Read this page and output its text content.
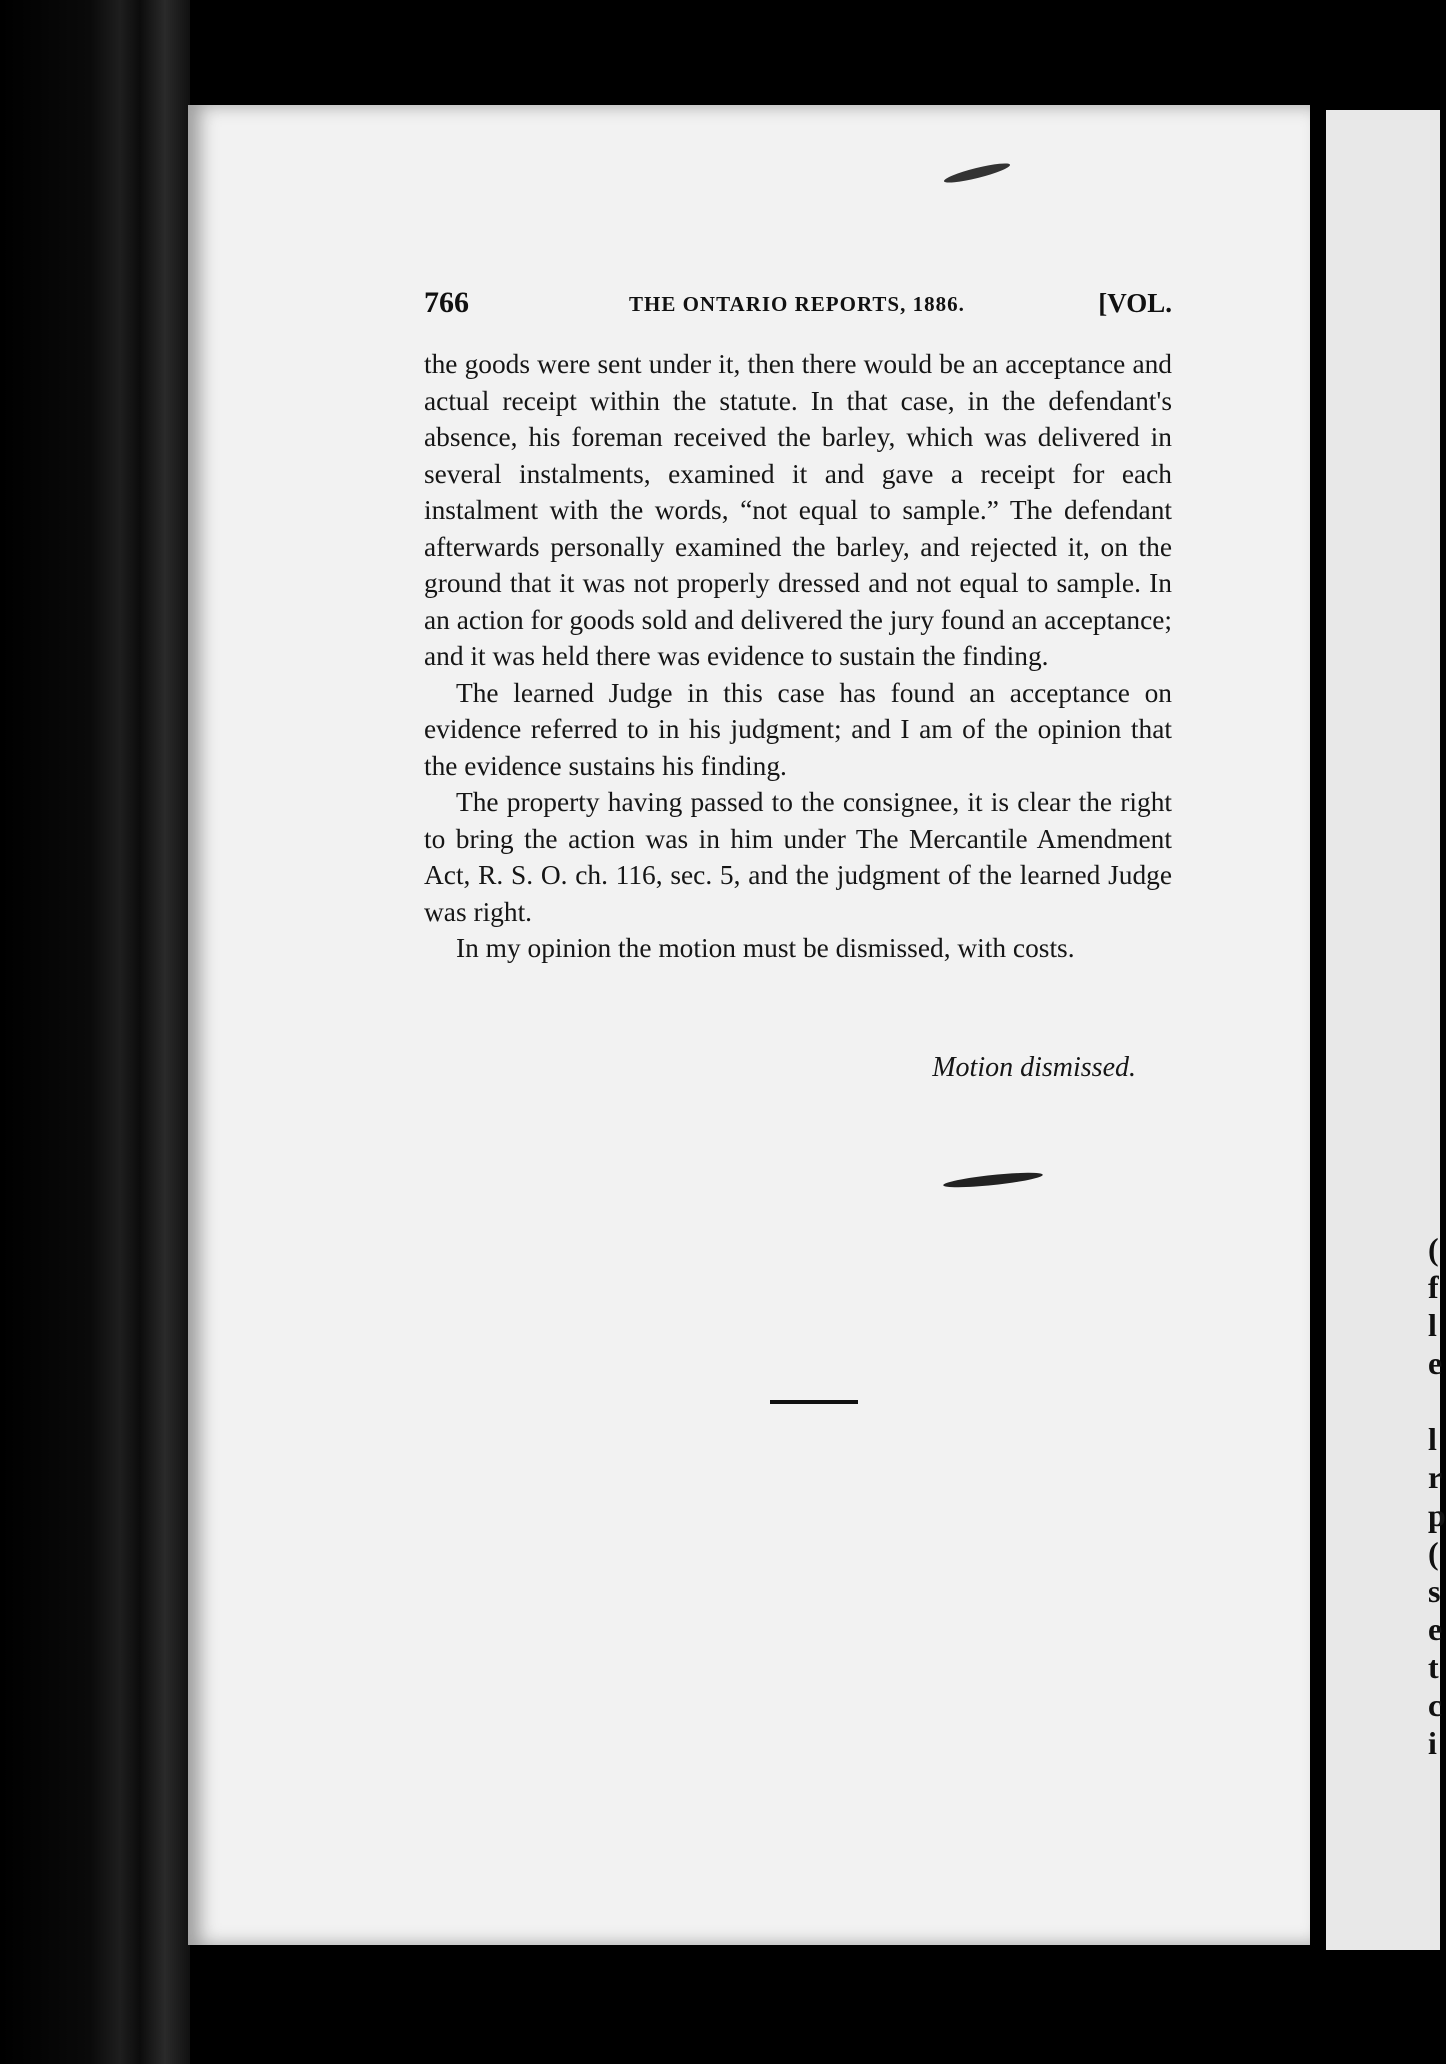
(
f
l
e

l
r
p
(
s
e
t
c
i
766	THE ONTARIO REPORTS, 1886.	[VOL.

the goods were sent under it, then there would be an acceptance and actual receipt within the statute. In that case, in the defendant's absence, his foreman received the barley, which was delivered in several instalments, examined it and gave a receipt for each instalment with the words, “not equal to sample.” The defendant afterwards personally examined the barley, and rejected it, on the ground that it was not properly dressed and not equal to sample. In an action for goods sold and delivered the jury found an acceptance; and it was held there was evidence to sustain the finding.

The learned Judge in this case has found an acceptance on evidence referred to in his judgment; and I am of the opinion that the evidence sustains his finding.

The property having passed to the consignee, it is clear the right to bring the action was in him under The Mercantile Amendment Act, R. S. O. ch. 116, sec. 5, and the judgment of the learned Judge was right.

In my opinion the motion must be dismissed, with costs.

Motion dismissed.
